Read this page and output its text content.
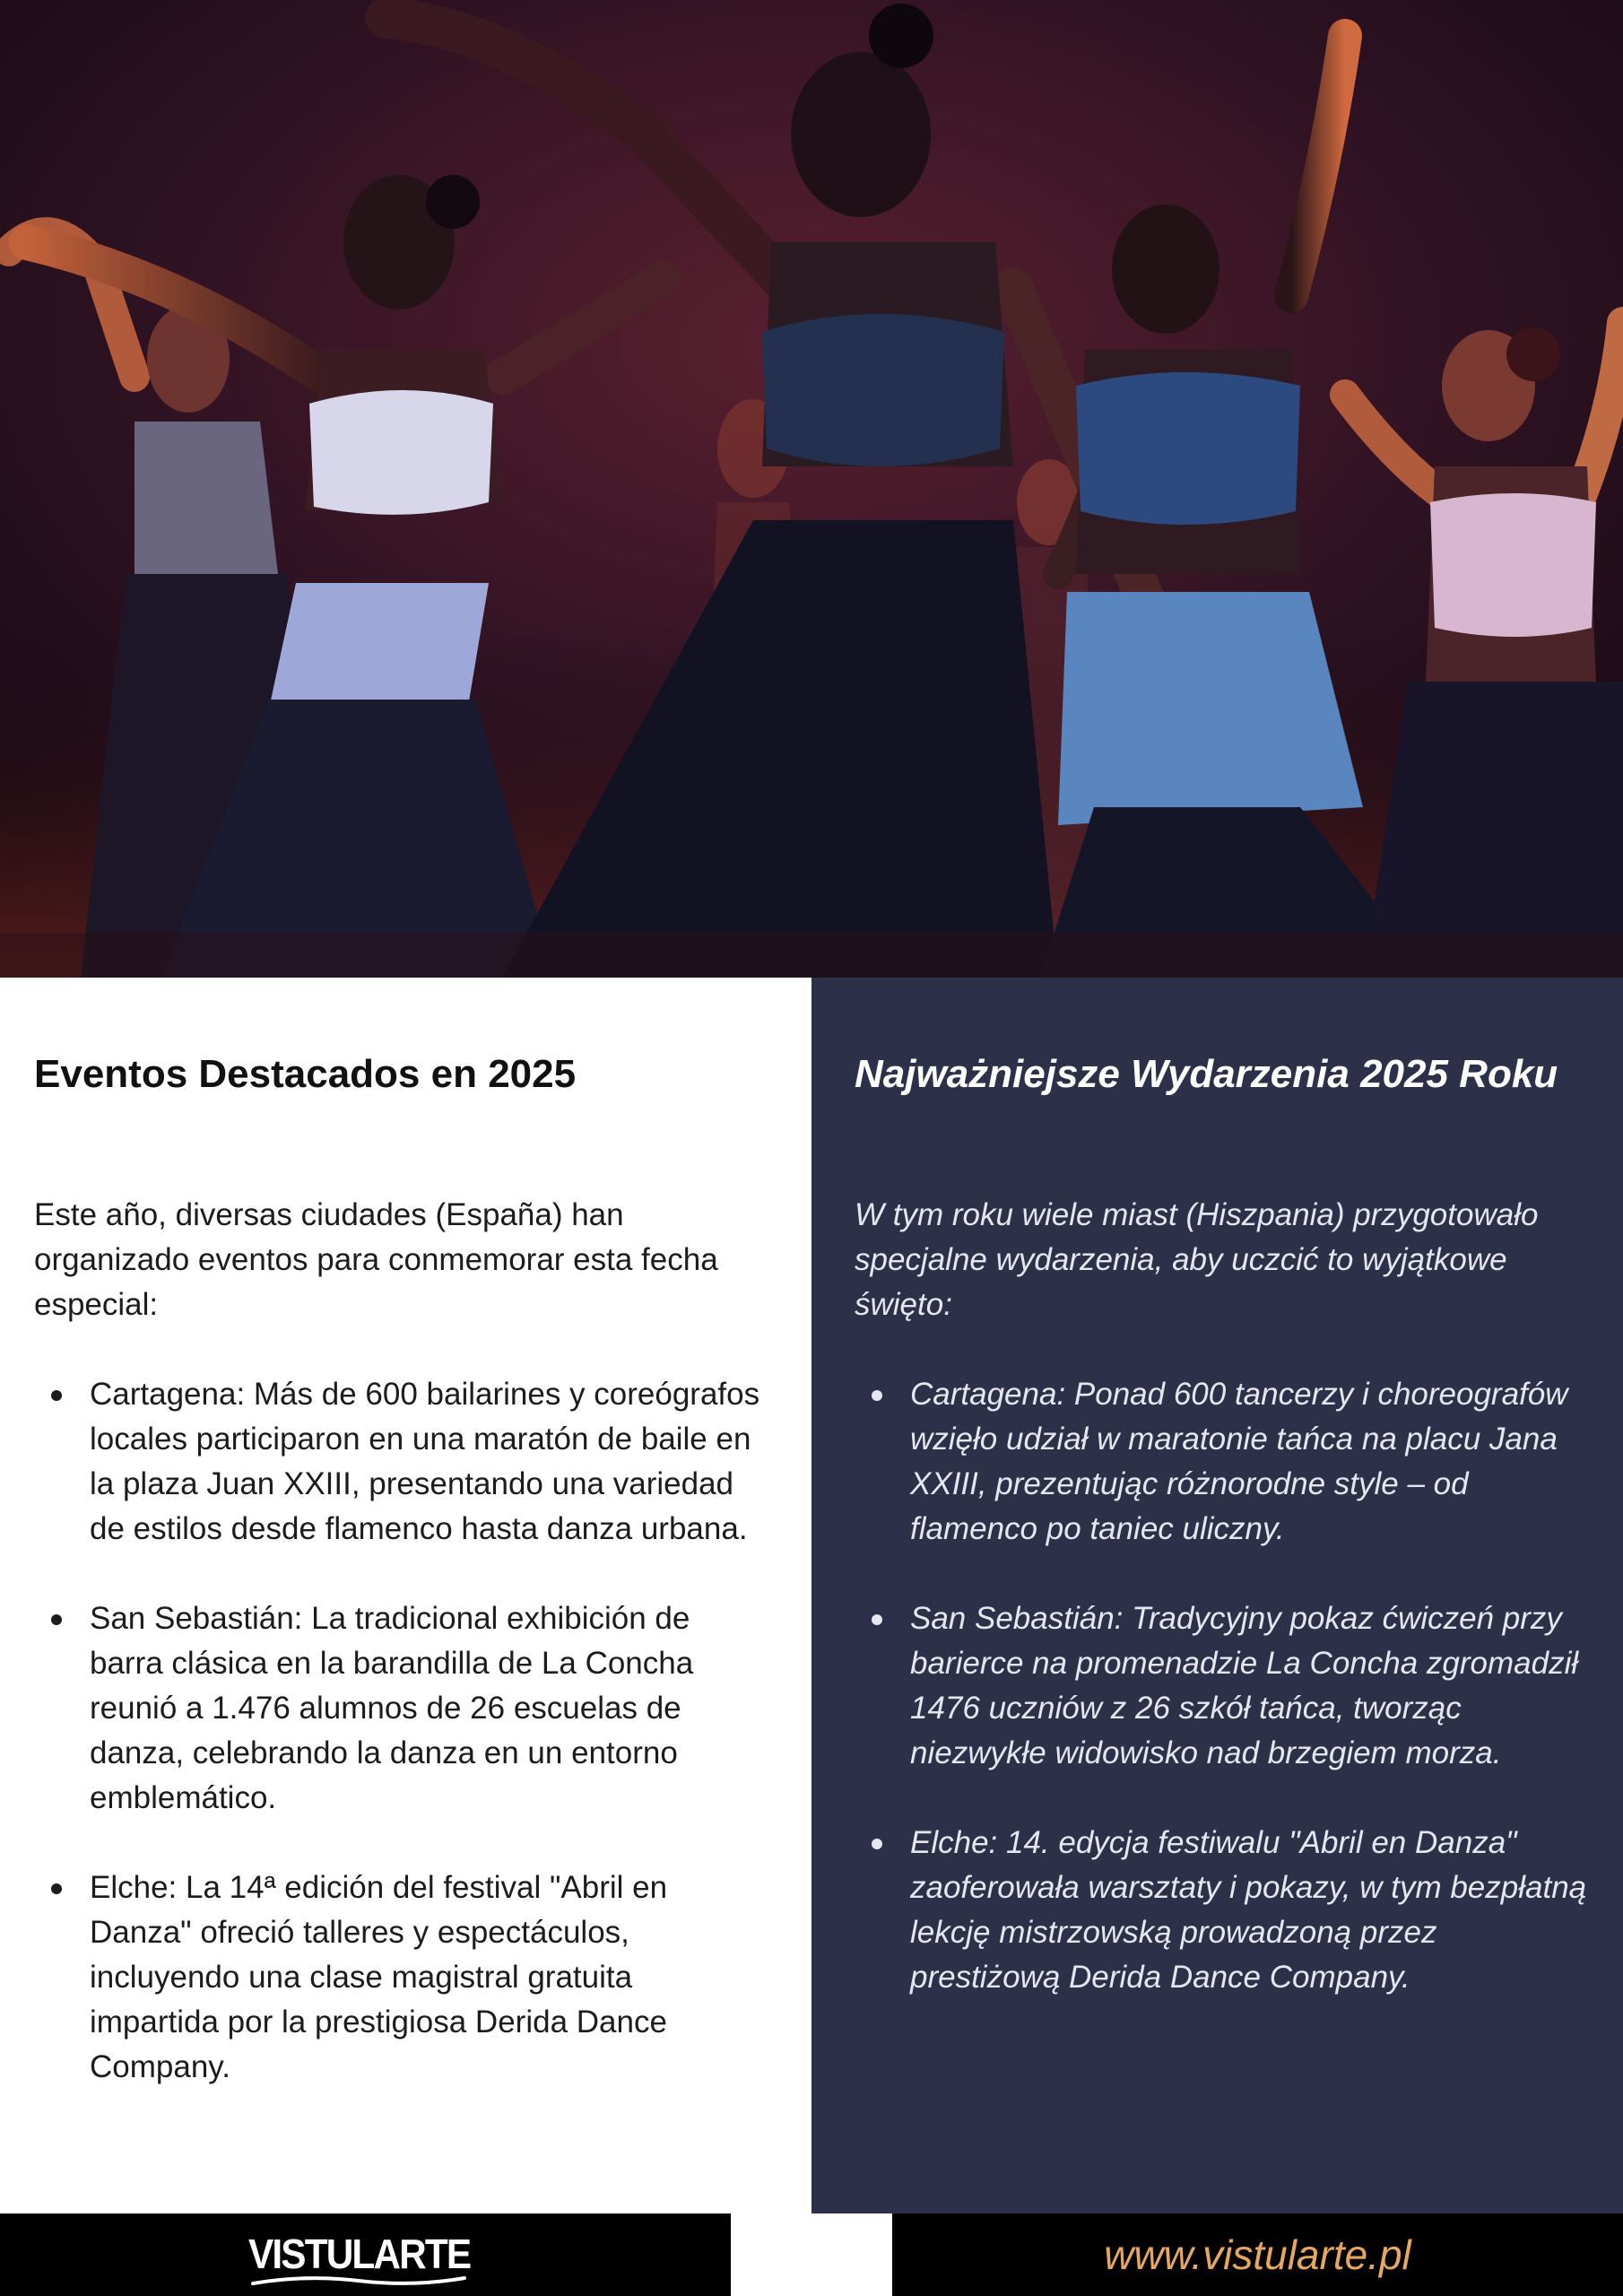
Eventos Destacados en 2025

Este año, diversas ciudades (España) han organizado eventos para conmemorar esta fecha especial:

Cartagena: Más de 600 bailarines y coreógrafos locales participaron en una maratón de baile en la plaza Juan XXIII, presentando una variedad de estilos desde flamenco hasta danza urbana.
San Sebastián: La tradicional exhibición de barra clásica en la barandilla de La Concha reunió a 1.476 alumnos de 26 escuelas de danza, celebrando la danza en un entorno emblemático.
Elche: La 14ª edición del festival "Abril en Danza" ofreció talleres y espectáculos, incluyendo una clase magistral gratuita impartida por la prestigiosa Derida Dance Company.
Najważniejsze Wydarzenia 2025 Roku

W tym roku wiele miast (Hiszpania) przygotowało specjalne wydarzenia, aby uczcić to wyjątkowe święto:

Cartagena: Ponad 600 tancerzy i choreografów wzięło udział w maratonie tańca na placu Jana XXIII, prezentując różnorodne style – od flamenco po taniec uliczny.
San Sebastián: Tradycyjny pokaz ćwiczeń przy barierce na promenadzie La Concha zgromadził 1476 uczniów z 26 szkół tańca, tworząc niezwykłe widowisko nad brzegiem morza.
Elche: 14. edycja festiwalu "Abril en Danza" zaoferowała warsztaty i pokazy, w tym bezpłatną lekcję mistrzowską prowadzoną przez prestiżową Derida Dance Company.
VISTULARTE	www.vistularte.pl
